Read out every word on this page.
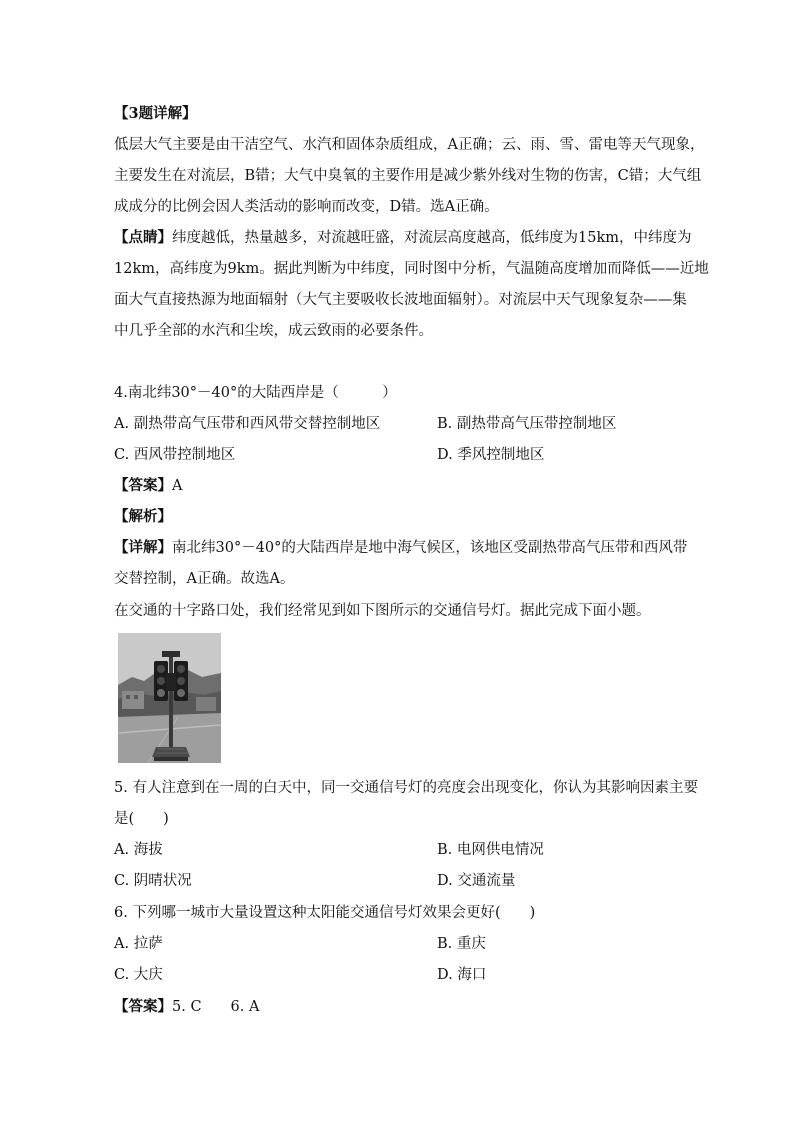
【3题详解】
低层大气主要是由干洁空气、水汽和固体杂质组成，A正确；云、雨、雪、雷电等天气现象，
主要发生在对流层，B错；大气中臭氧的主要作用是减少紫外线对生物的伤害，C错；大气组
成成分的比例会因人类活动的影响而改变，D错。选A正确。
【点睛】纬度越低，热量越多，对流越旺盛，对流层高度越高，低纬度为15km，中纬度为
12km，高纬度为9km。据此判断为中纬度，同时图中分析，气温随高度增加而降低——近地
面大气直接热源为地面辐射（大气主要吸收长波地面辐射）。对流层中天气现象复杂——集
中几乎全部的水汽和尘埃，成云致雨的必要条件。
4.南北纬30°－40°的大陆西岸是（　　　）
A. 副热带高气压带和西风带交替控制地区	B. 副热带高气压带控制地区
C. 西风带控制地区	D. 季风控制地区
【答案】A
【解析】
【详解】南北纬30°－40°的大陆西岸是地中海气候区，该地区受副热带高气压带和西风带
交替控制，A正确。故选A。
在交通的十字路口处，我们经常见到如下图所示的交通信号灯。据此完成下面小题。
5. 有人注意到在一周的白天中，同一交通信号灯的亮度会出现变化，你认为其影响因素主要
是(　　)
A. 海拔	B. 电网供电情况
C. 阴晴状况	D. 交通流量
6. 下列哪一城市大量设置这种太阳能交通信号灯效果会更好(　　)
A. 拉萨	B. 重庆
C. 大庆	D. 海口
【答案】5. C　　6. A
